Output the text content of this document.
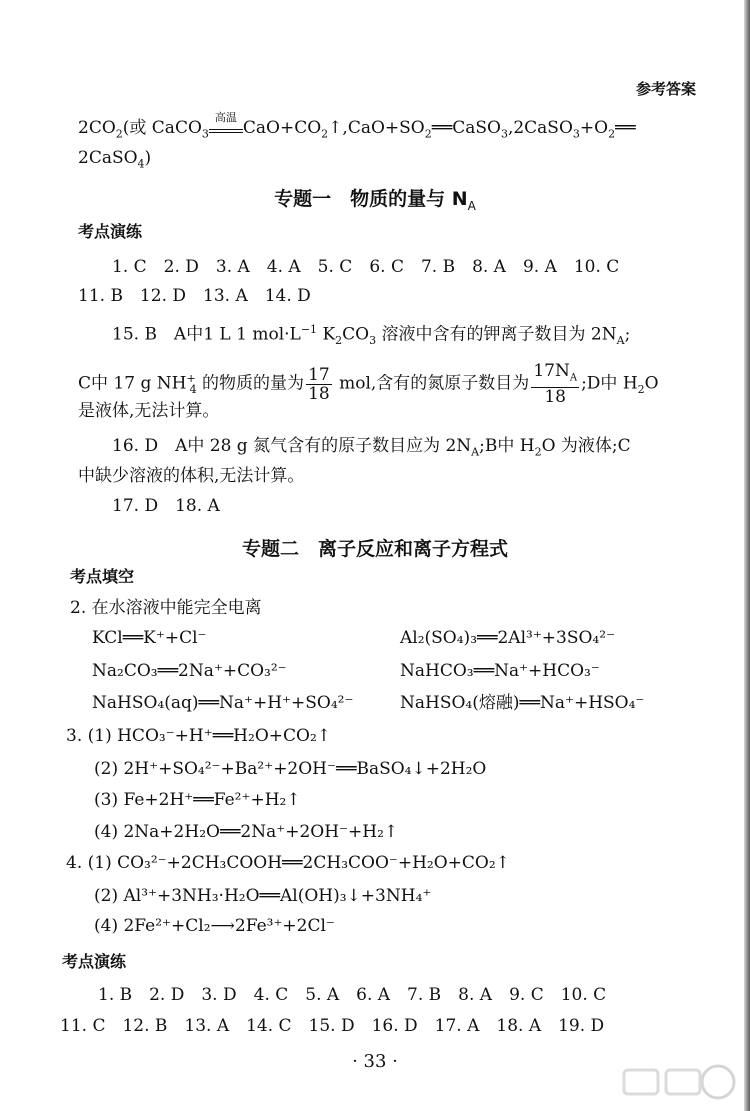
参考答案
$2CO_2$(或 CaCO$_3$
高温
$CaO+CO_2↑,CaO+SO_2══CaSO_3,2CaSO_3+O_2══$
2CaSO$_4$)
专题一　物质的量与 $N_A$
考点演练
1. C　2. D　3. A　4. A　5. C　6. C　7. B　8. A　9. A　10. C
11. B　12. D　13. A　14. D
15. B　A中1 L 1 $mol\cdot L^{-1}$ $K_2CO_3$ 溶液中含有的钾离子数目为 $2N_A$;
C中 17 g $NH^+_4$ 的物质的量为 $\frac{17}{18}$ mol,含有的氮原子数目为 $\frac{17N_A}{18}$ ;D中 $H_2O$
是液体,无法计算。
16. D　A中 28 g 氮气含有的原子数目应为 $2N_A;B$中 $H_2O$ 为液体;C
中缺少溶液的体积,无法计算。
17. D　18. A
专题二　离子反应和离子方程式
考点填空
2. 在水溶液中能完全电离
KCl══K⁺+Cl⁻	Al₂(SO₄)₃══2Al³⁺+3SO₄²⁻
Na₂CO₃══2Na⁺+CO₃²⁻	NaHCO₃══Na⁺+HCO₃⁻
NaHSO₄(aq)══Na⁺+H⁺+SO₄²⁻	NaHSO₄(熔融)══Na⁺+HSO₄⁻
3. (1) HCO₃⁻+H⁺══H₂O+CO₂↑
(2) 2H⁺+SO₄²⁻+Ba²⁺+2OH⁻══BaSO₄↓+2H₂O
(3) Fe+2H⁺══Fe²⁺+H₂↑
(4) 2Na+2H₂O══2Na⁺+2OH⁻+H₂↑
4. (1) CO₃²⁻+2CH₃COOH══2CH₃COO⁻+H₂O+CO₂↑
(2) Al³⁺+3NH₃·H₂O══Al(OH)₃↓+3NH₄⁺
(4) 2Fe²⁺+Cl₂⟶2Fe³⁺+2Cl⁻
考点演练
1. B　2. D　3. D　4. C　5. A　6. A　7. B　8. A　9. C　10. C
11. C　12. B　13. A　14. C　15. D　16. D　17. A　18. A　19. D
· 33 ·
